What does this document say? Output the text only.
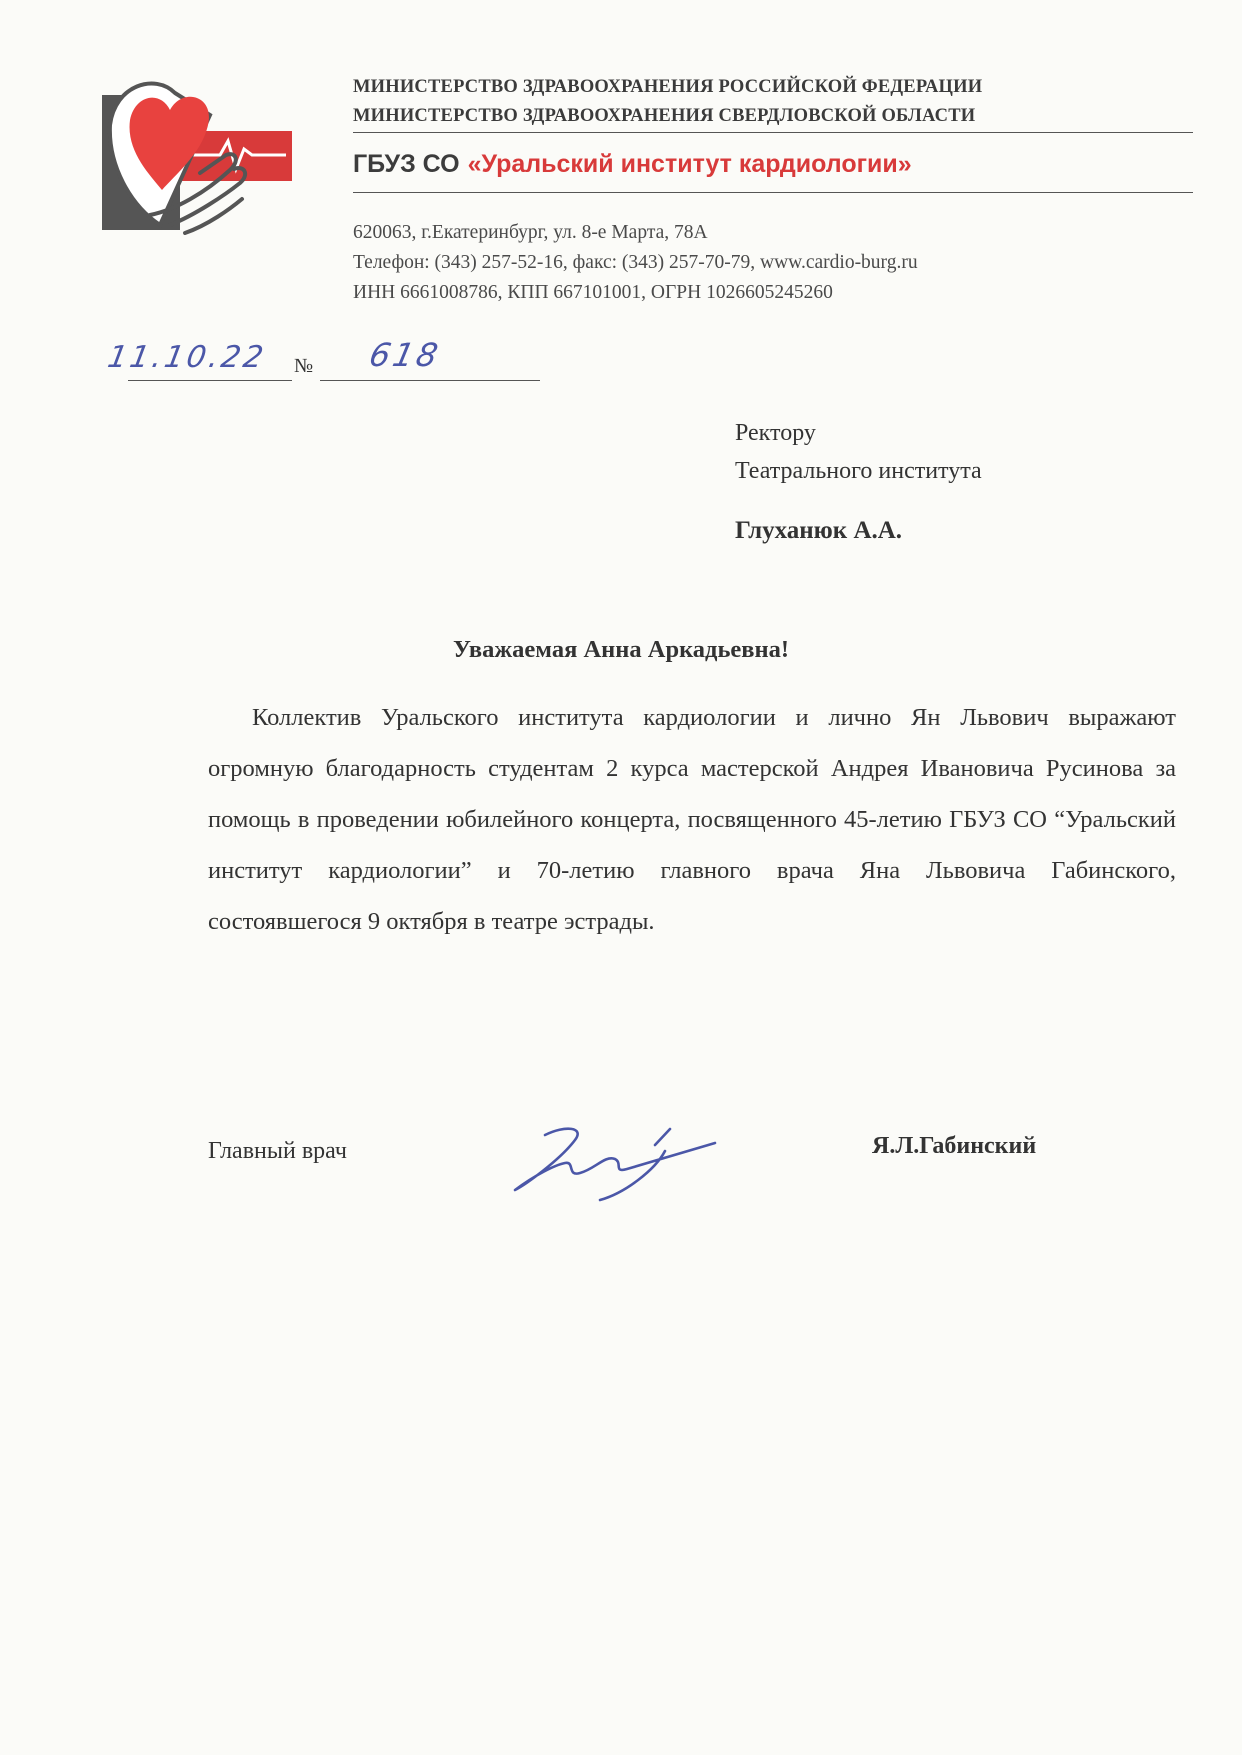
МИНИСТЕРСТВО ЗДРАВООХРАНЕНИЯ РОССИЙСКОЙ ФЕДЕРАЦИИ
МИНИСТЕРСТВО ЗДРАВООХРАНЕНИЯ СВЕРДЛОВСКОЙ ОБЛАСТИ
ГБУЗ СО «Уральский институт кардиологии»
620063, г.Екатеринбург, ул. 8-е Марта, 78А
Телефон: (343) 257-52-16, факс: (343) 257-70-79, www.cardio-burg.ru
ИНН 6661008786, КПП 667101001, ОГРН 1026605245260
11.10.22 № 618
Ректору
Театрального института
Глуханюк А.А.
Уважаемая Анна Аркадьевна!
Коллектив Уральского института кардиологии и лично Ян Львович выражают огромную благодарность студентам 2 курса мастерской Андрея Ивановича Русинова за помощь в проведении юбилейного концерта, посвященного 45-летию ГБУЗ СО “Уральский институт кардиологии” и 70-летию главного врача Яна Львовича Габинского, состоявшегося 9 октября в театре эстрады.
Главный врач	Я.Л.Габинский
